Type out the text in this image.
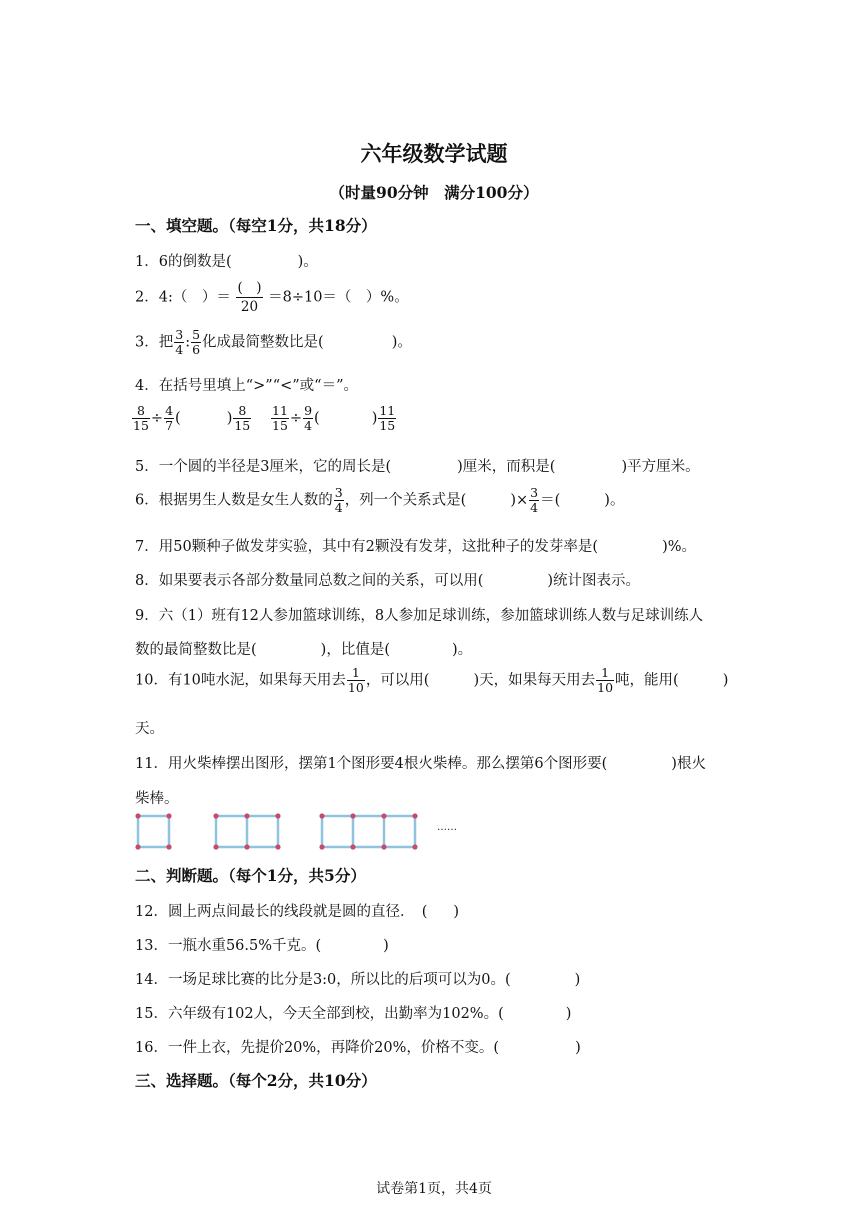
六年级数学试题
（时量90分钟　满分100分）
一、填空题。（每空1分，共18分）
1．6的倒数是(	)。
2．4:（　）＝ $\frac{( )}{20} =8\div 10=$（　）%。
3．把 $\frac{3}{4}$ : $\frac{5}{6}$ 化成最简整数比是(	)。
4．在括号里填上“>”“<”或“＝”。
$\frac{8}{15} \div \frac{4}{7}$ (	) $\frac{8}{15} \frac{11}{15} \div \frac{9}{4}$ (	) $\frac{11}{15}$
5．一个圆的半径是3厘米，它的周长是(	)厘米，而积是(	)平方厘米。
6．根据男生人数是女生人数的 $\frac{3}{4}$ ，列一个关系式是(	)× $\frac{3}{4}$ ＝(	)。
7．用50颗种子做发芽实验，其中有2颗没有发芽，这批种子的发芽率是(	)%。
8．如果要表示各部分数量同总数之间的关系，可以用(	)统计图表示。
9．六（1）班有12人参加篮球训练，8人参加足球训练，参加篮球训练人数与足球训练人
数的最简整数比是(	)，比值是(	)。
10．有10吨水泥，如果每天用去 $\frac{1}{10}$ ，可以用(	)天，如果每天用去 $\frac{1}{10}$ 吨，能用(	)
天。
11．用火柴棒摆出图形，摆第1个图形要4根火柴棒。那么摆第6个图形要(	)根火
柴棒。
……
二、判断题。（每个1分，共5分）
12．圆上两点间最长的线段就是圆的直径．　( )
13．一瓶水重56.5%千克。(	)
14．一场足球比赛的比分是3:0，所以比的后项可以为0。(	)
15．六年级有102人，今天全部到校，出勤率为102%。(	)
16．一件上衣，先提价20%，再降价20%，价格不变。(	)
三、选择题。（每个2分，共10分）
试卷第1页，共4页
